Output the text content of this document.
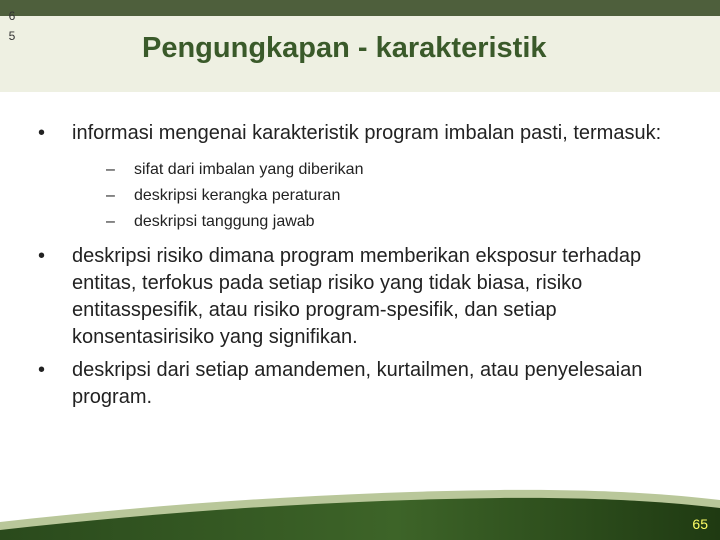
65	Pengungkapan - karakteristik
•	informasi mengenai karakteristik program imbalan pasti, termasuk:
– sifat dari imbalan yang diberikan
– deskripsi kerangka peraturan
– deskripsi tanggung jawab
•	deskripsi risiko dimana program memberikan eksposur terhadap entitas, terfokus pada setiap risiko yang tidak biasa, risiko entitasspesifik, atau risiko program-spesifik, dan setiap konsentasirisiko yang signifikan.
•	deskripsi dari setiap amandemen, kurtailmen, atau penyelesaian program.
65
